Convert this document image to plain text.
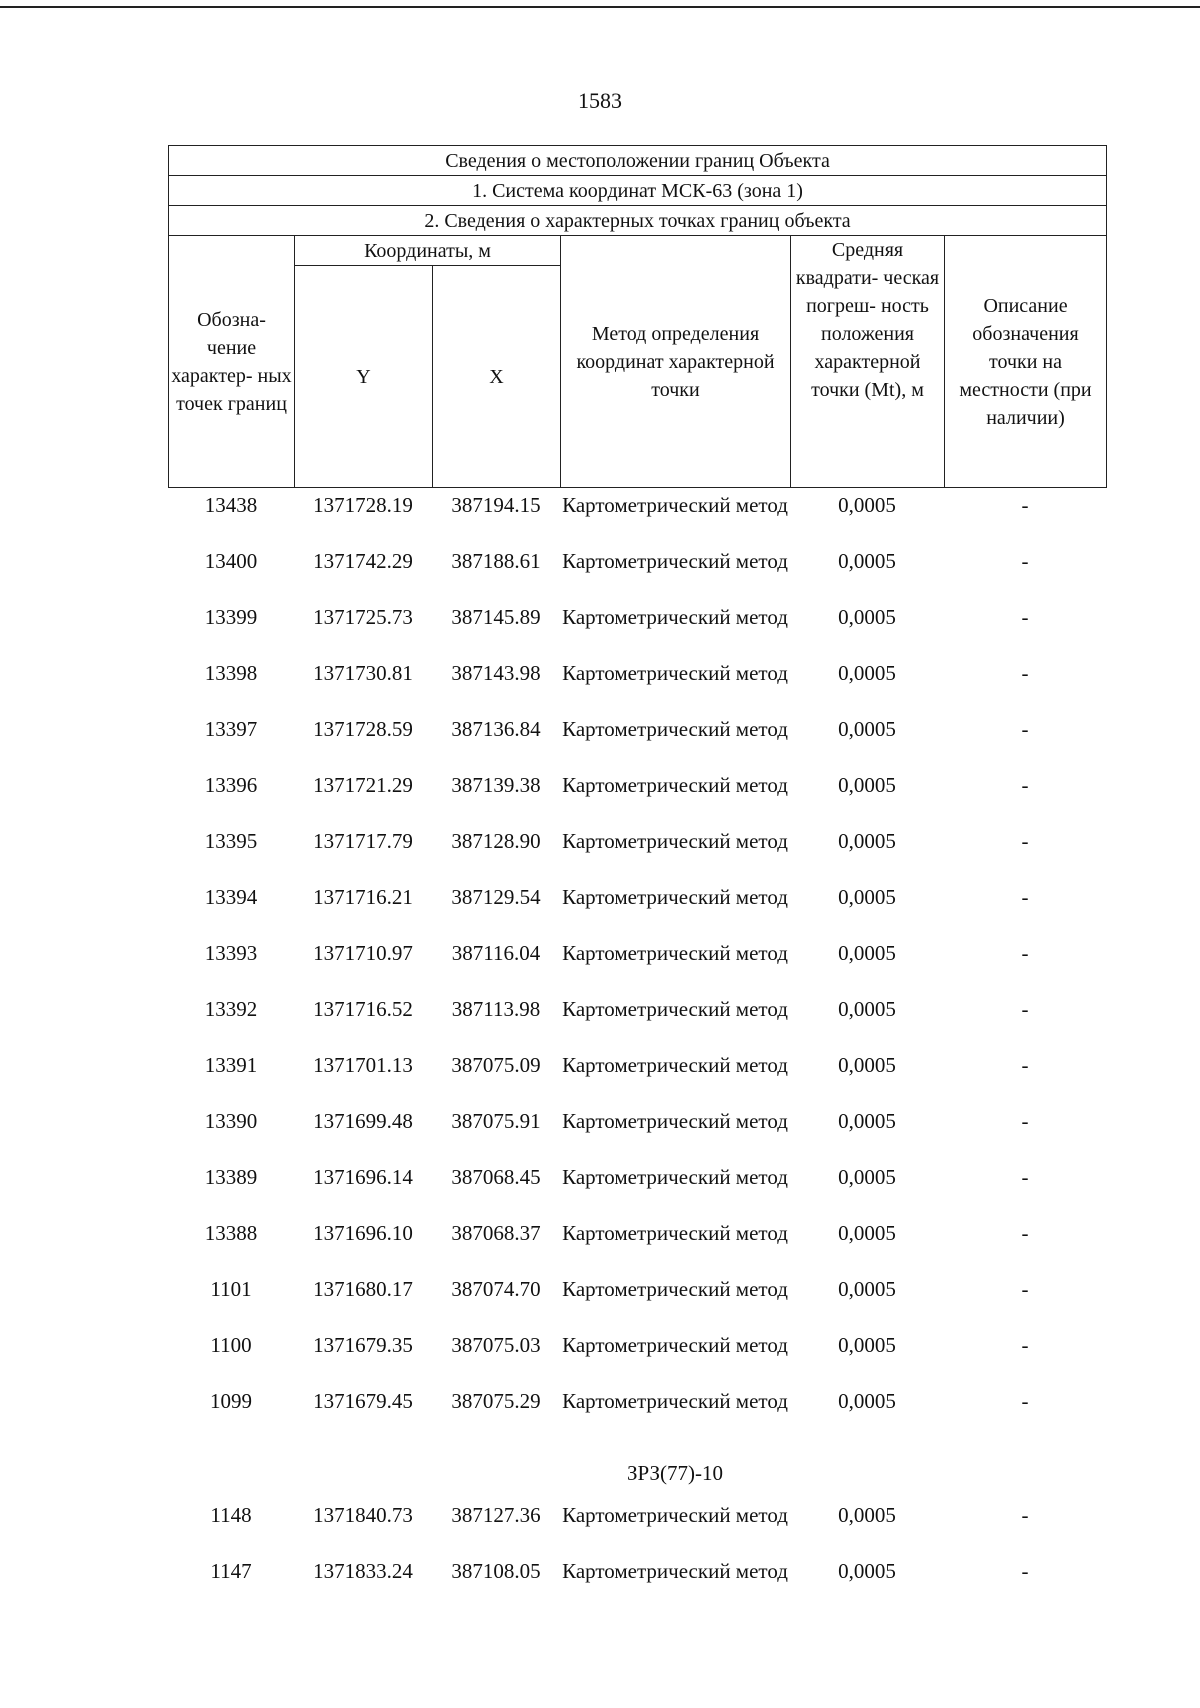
1583
Сведения о местоположении границ Объекта					
1. Система координат МСК-63 (зона 1)					
2. Сведения о характерных точках границ объекта					
Обозна- чение характер- ных точек границ	Координаты, м		Метод определения координат характерной точки	Средняя квадрати- ческая погреш- ность положения характерной точки (Mt), м	Описание обозначения точки на местности (при наличии)
	Y	X			
13438	1371728.19	387194.15	Картометрический метод	0,0005	-
13400	1371742.29	387188.61	Картометрический метод	0,0005	-
13399	1371725.73	387145.89	Картометрический метод	0,0005	-
13398	1371730.81	387143.98	Картометрический метод	0,0005	-
13397	1371728.59	387136.84	Картометрический метод	0,0005	-
13396	1371721.29	387139.38	Картометрический метод	0,0005	-
13395	1371717.79	387128.90	Картометрический метод	0,0005	-
13394	1371716.21	387129.54	Картометрический метод	0,0005	-
13393	1371710.97	387116.04	Картометрический метод	0,0005	-
13392	1371716.52	387113.98	Картометрический метод	0,0005	-
13391	1371701.13	387075.09	Картометрический метод	0,0005	-
13390	1371699.48	387075.91	Картометрический метод	0,0005	-
13389	1371696.14	387068.45	Картометрический метод	0,0005	-
13388	1371696.10	387068.37	Картометрический метод	0,0005	-
1101	1371680.17	387074.70	Картометрический метод	0,0005	-
1100	1371679.35	387075.03	Картометрический метод	0,0005	-
1099	1371679.45	387075.29	Картометрический метод	0,0005	-
			ЗРЗ(77)-10		
1148	1371840.73	387127.36	Картометрический метод	0,0005	-
1147	1371833.24	387108.05	Картометрический метод	0,0005	-
